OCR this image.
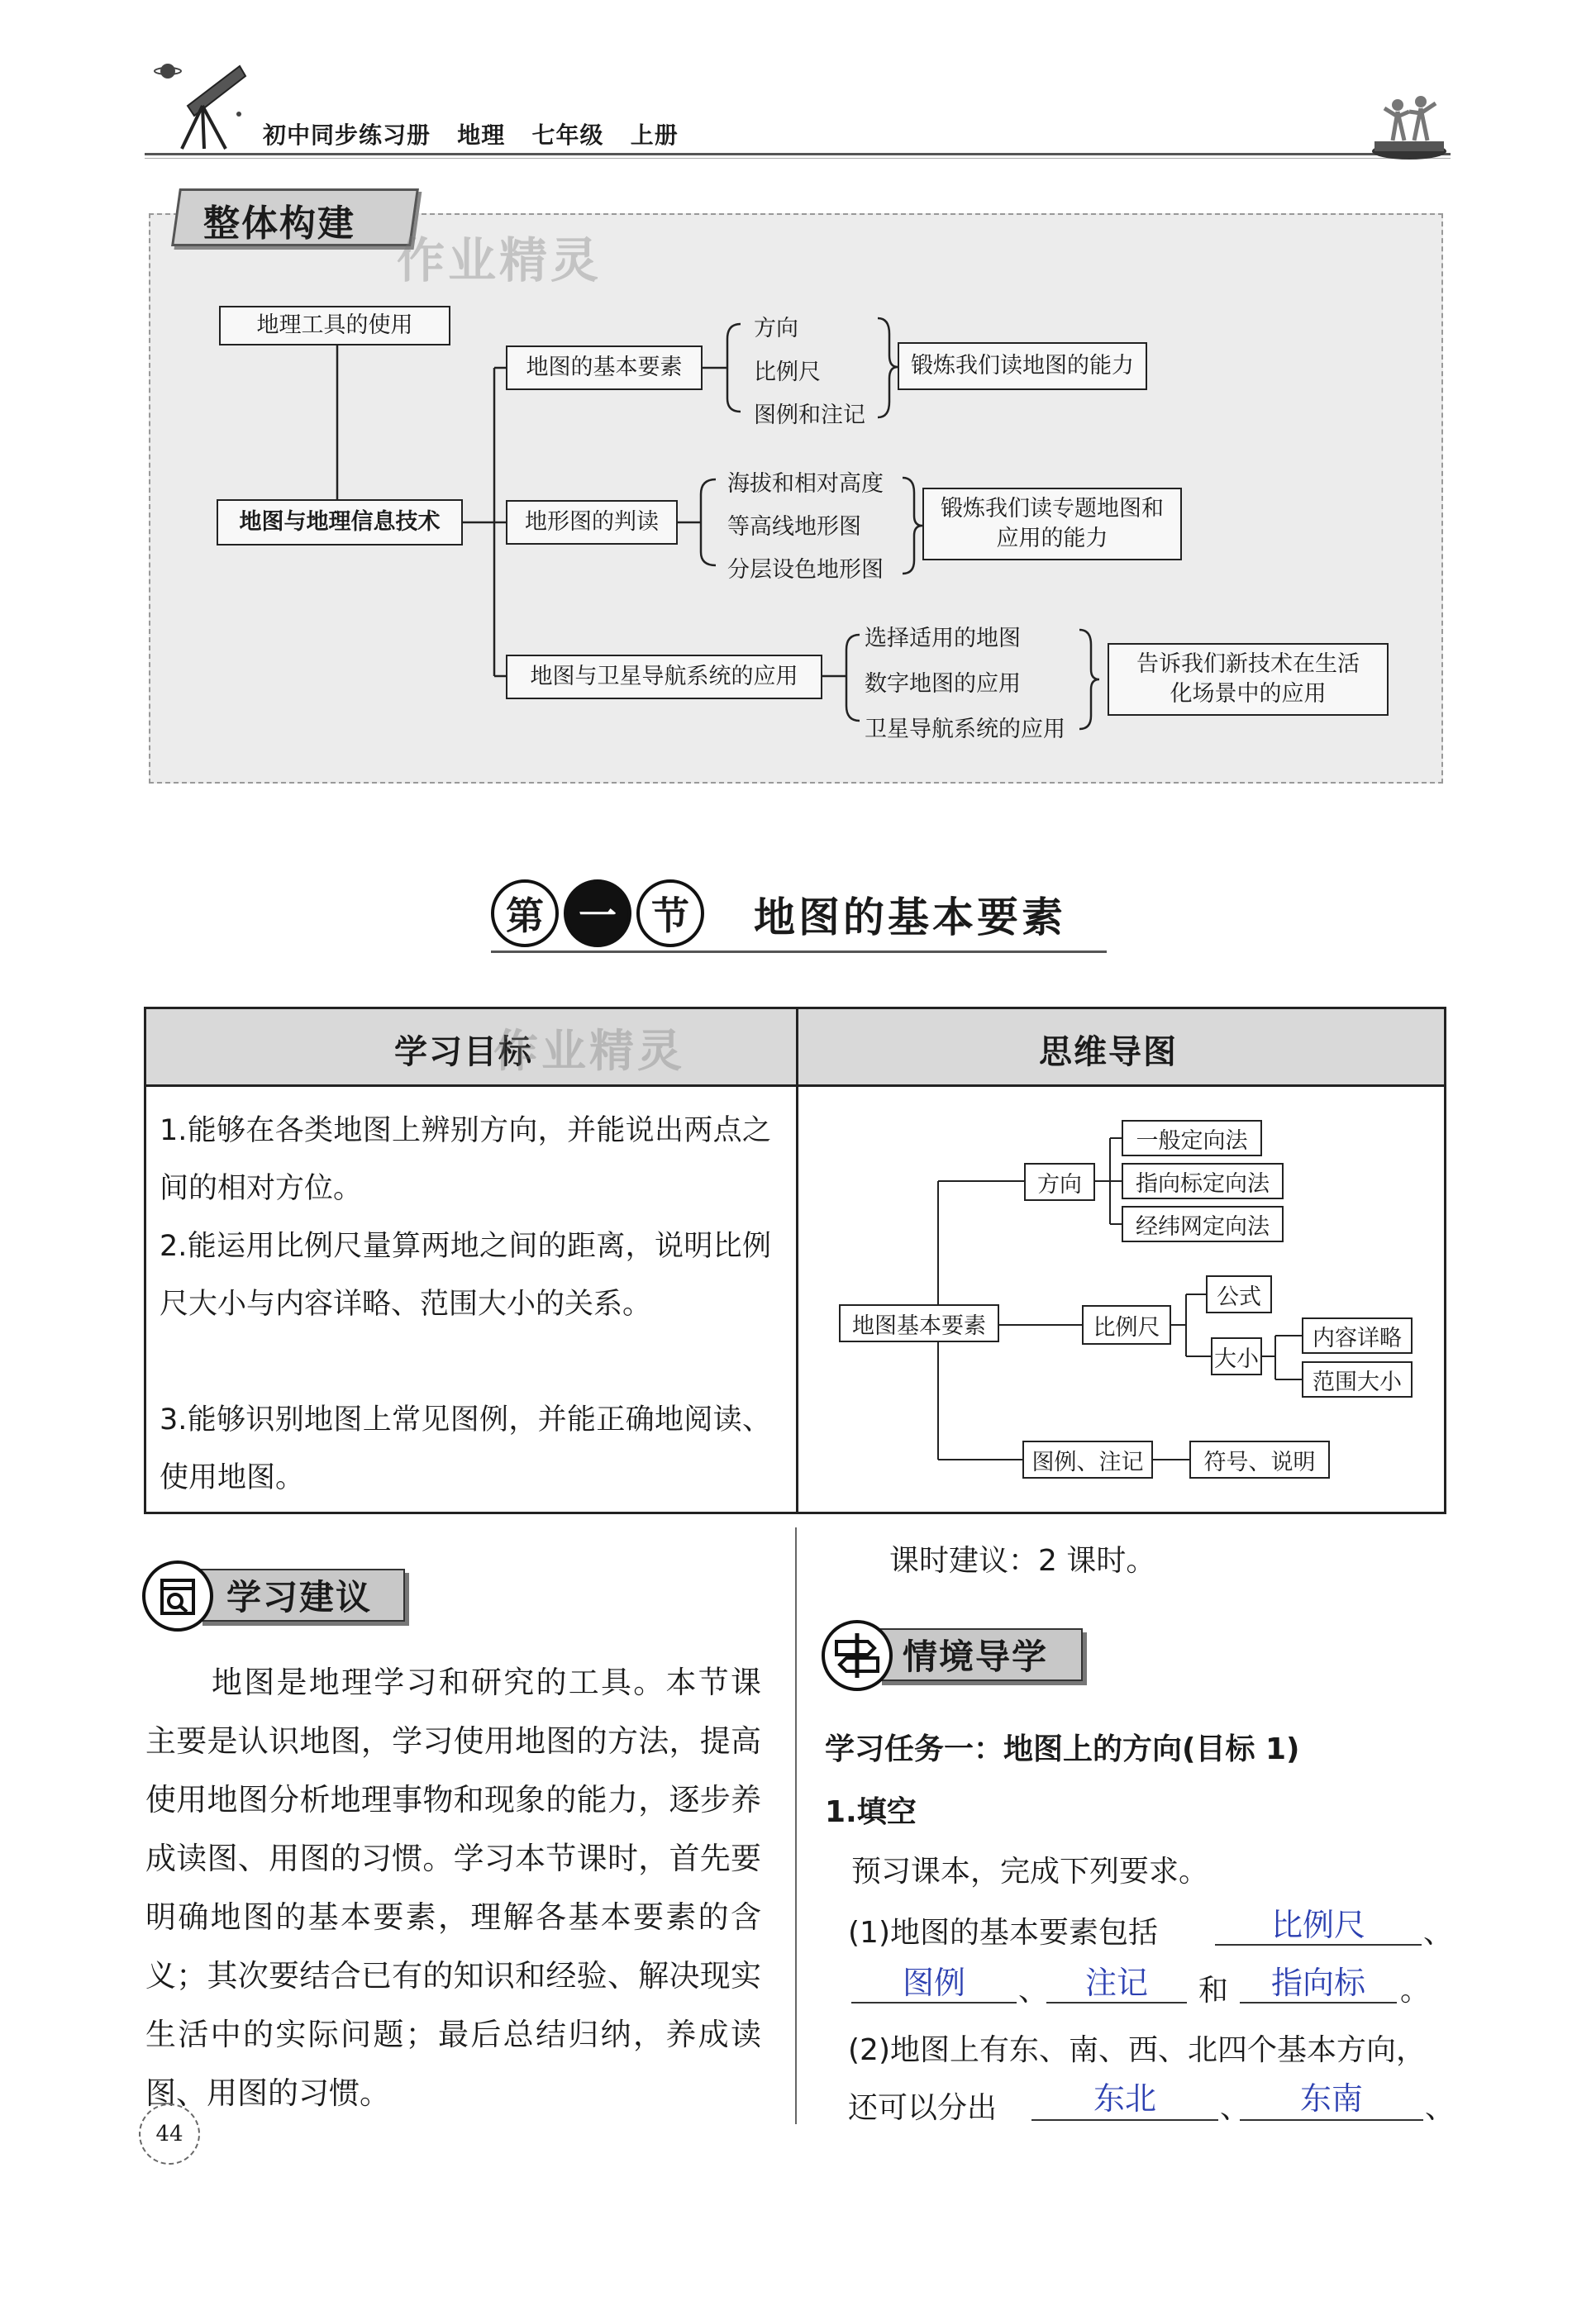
初中同步练习册   地理   七年级   上册
整体构建
作业精灵
地理工具的使用
地图与地理信息技术
地图的基本要素
方向
比例尺
图例和注记
锻炼我们读地图的能力
地形图的判读
海拔和相对高度
等高线地形图
分层设色地形图
锻炼我们读专题地图和应用的能力
地图与卫星导航系统的应用
选择适用的地图
数字地图的应用
卫星导航系统的应用
告诉我们新技术在生活化场景中的应用
第 一 节	地图的基本要素
学习目标	思维导图
作业精灵
1.能够在各类地图上辨别方向，并能说出两点之间的相对方位。
2.能运用比例尺量算两地之间的距离，说明比例尺大小与内容详略、范围大小的关系。
3.能够识别地图上常见图例，并能正确地阅读、使用地图。
地图基本要素
方向
一般定向法
指向标定向法
经纬网定向法
比例尺
公式
大小
内容详略
范围大小
图例、注记	符号、说明
学习建议
地图是地理学习和研究的工具。本节课主要是认识地图，学习使用地图的方法，提高使用地图分析地理事物和现象的能力，逐步养成读图、用图的习惯。学习本节课时，首先要明确地图的基本要素，理解各基本要素的含义；其次要结合已有的知识和经验、解决现实生活中的实际问题；最后总结归纳，养成读图、用图的习惯。
课时建议：2 课时。
情境导学
学习任务一：地图上的方向(目标 1)
1.填空
预习课本，完成下列要求。
(1)地图的基本要素包括	比例尺	、
图例	、	注记	和	指向标	。
(2)地图上有东、南、西、北四个基本方向，
还可以分出	东北	、	东南	、
44
